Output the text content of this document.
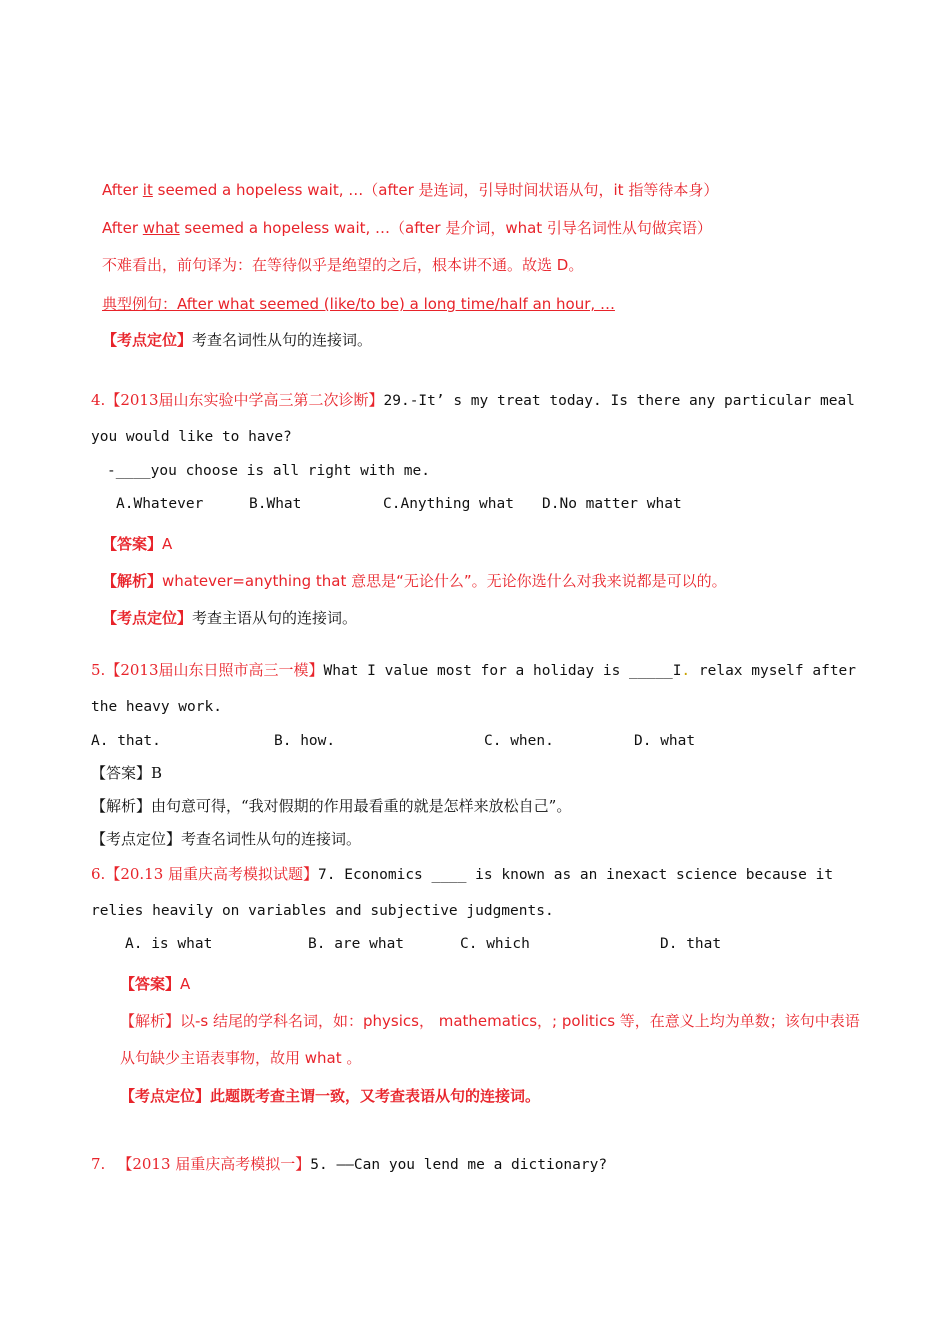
After it seemed a hopeless wait, …（after 是连词，引导时间状语从句，it 指等待本身）
After what seemed a hopeless wait, …（after 是介词，what 引导名词性从句做宾语）
不难看出，前句译为：在等待似乎是绝望的之后，根本讲不通。故选 D。
典型例句：After what seemed (like/to be) a long time/half an hour, …
【考点定位】考查名词性从句的连接词。
4.【2013届山东实验中学高三第二次诊断】29.-It’ s my treat today. Is there any particular meal
you would like to have?
-____you choose is all right with me.
A.Whatever	B.What	C.Anything what D.No matter what
【答案】A
【解析】whatever=anything that 意思是“无论什么”。无论你选什么对我来说都是可以的。
【考点定位】考查主语从句的连接词。
5.【2013届山东日照市高三一模】What I value most for a holiday is _____I. relax myself after
the heavy work.
A. that.	B. how.	C. when.	D. what
【答案】B
【解析】由句意可得，“我对假期的作用最看重的就是怎样来放松自己”。
【考点定位】考查名词性从句的连接词。
6.【20.13 届重庆高考模拟试题】7. Economics ____ is known as an inexact science because it
relies heavily on variables and subjective judgments.
A. is what	B. are what	C. which	D. that
【答案】A
【解析】以-s 结尾的学科名词，如：physics， mathematics，; politics 等，在意义上均为单数；该句中表语
从句缺少主语表事物，故用 what 。
【考点定位】此题既考查主谓一致，又考查表语从句的连接词。
7. 【2013 届重庆高考模拟一】5. ——Can you lend me a dictionary?
